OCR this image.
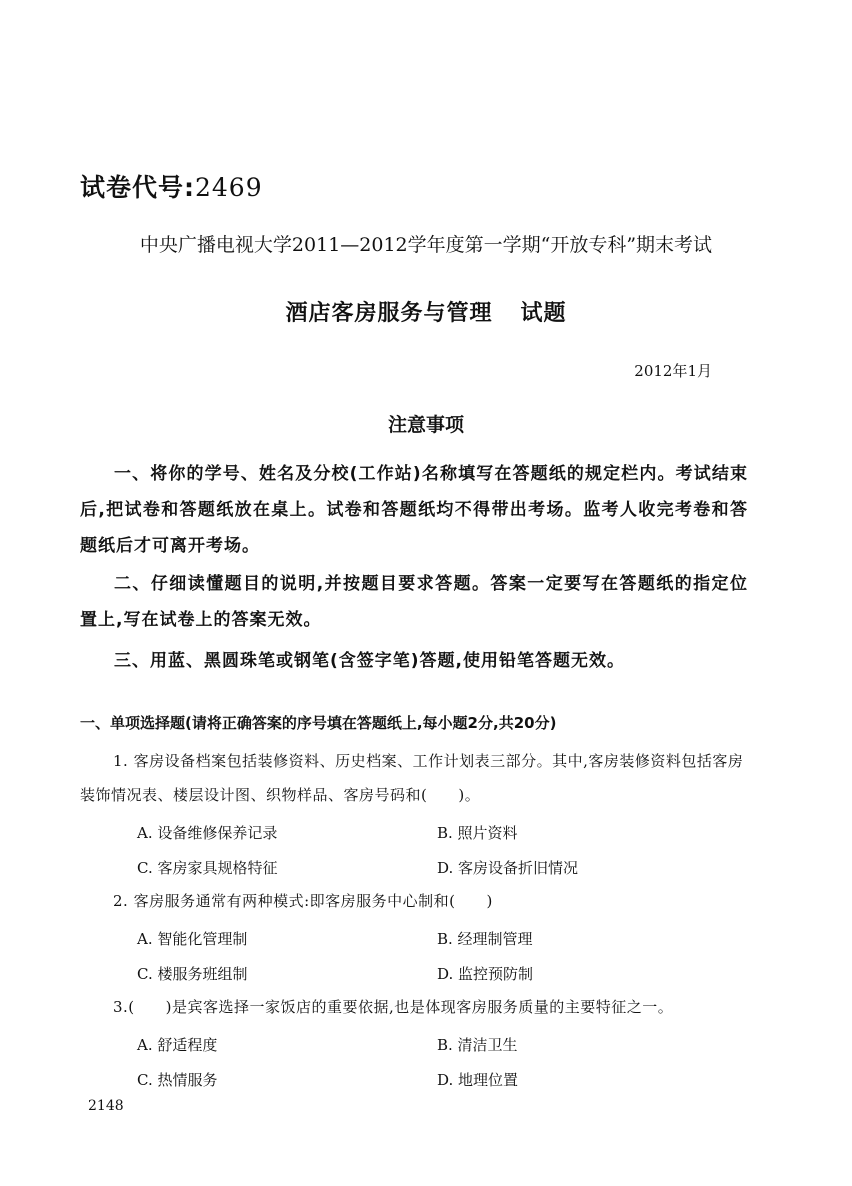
试卷代号:2469
中央广播电视大学2011—2012学年度第一学期“开放专科”期末考试
酒店客房服务与管理 试题
2012年1月
注意事项
一、将你的学号、姓名及分校(工作站)名称填写在答题纸的规定栏内。考试结束后,把试卷和答题纸放在桌上。试卷和答题纸均不得带出考场。监考人收完考卷和答题纸后才可离开考场。
二、仔细读懂题目的说明,并按题目要求答题。答案一定要写在答题纸的指定位置上,写在试卷上的答案无效。
三、用蓝、黑圆珠笔或钢笔(含签字笔)答题,使用铅笔答题无效。
一、单项选择题(请将正确答案的序号填在答题纸上,每小题2分,共20分)
1. 客房设备档案包括装修资料、历史档案、工作计划表三部分。其中,客房装修资料包括客房装饰情况表、楼层设计图、织物样品、客房号码和(　　)。
A. 设备维修保养记录	B. 照片资料
C. 客房家具规格特征	D. 客房设备折旧情况
2. 客房服务通常有两种模式:即客房服务中心制和(　　)
A. 智能化管理制	B. 经理制管理
C. 楼服务班组制	D. 监控预防制
3.(　　)是宾客选择一家饭店的重要依据,也是体现客房服务质量的主要特征之一。
A. 舒适程度	B. 清洁卫生
C. 热情服务	D. 地理位置
2148
